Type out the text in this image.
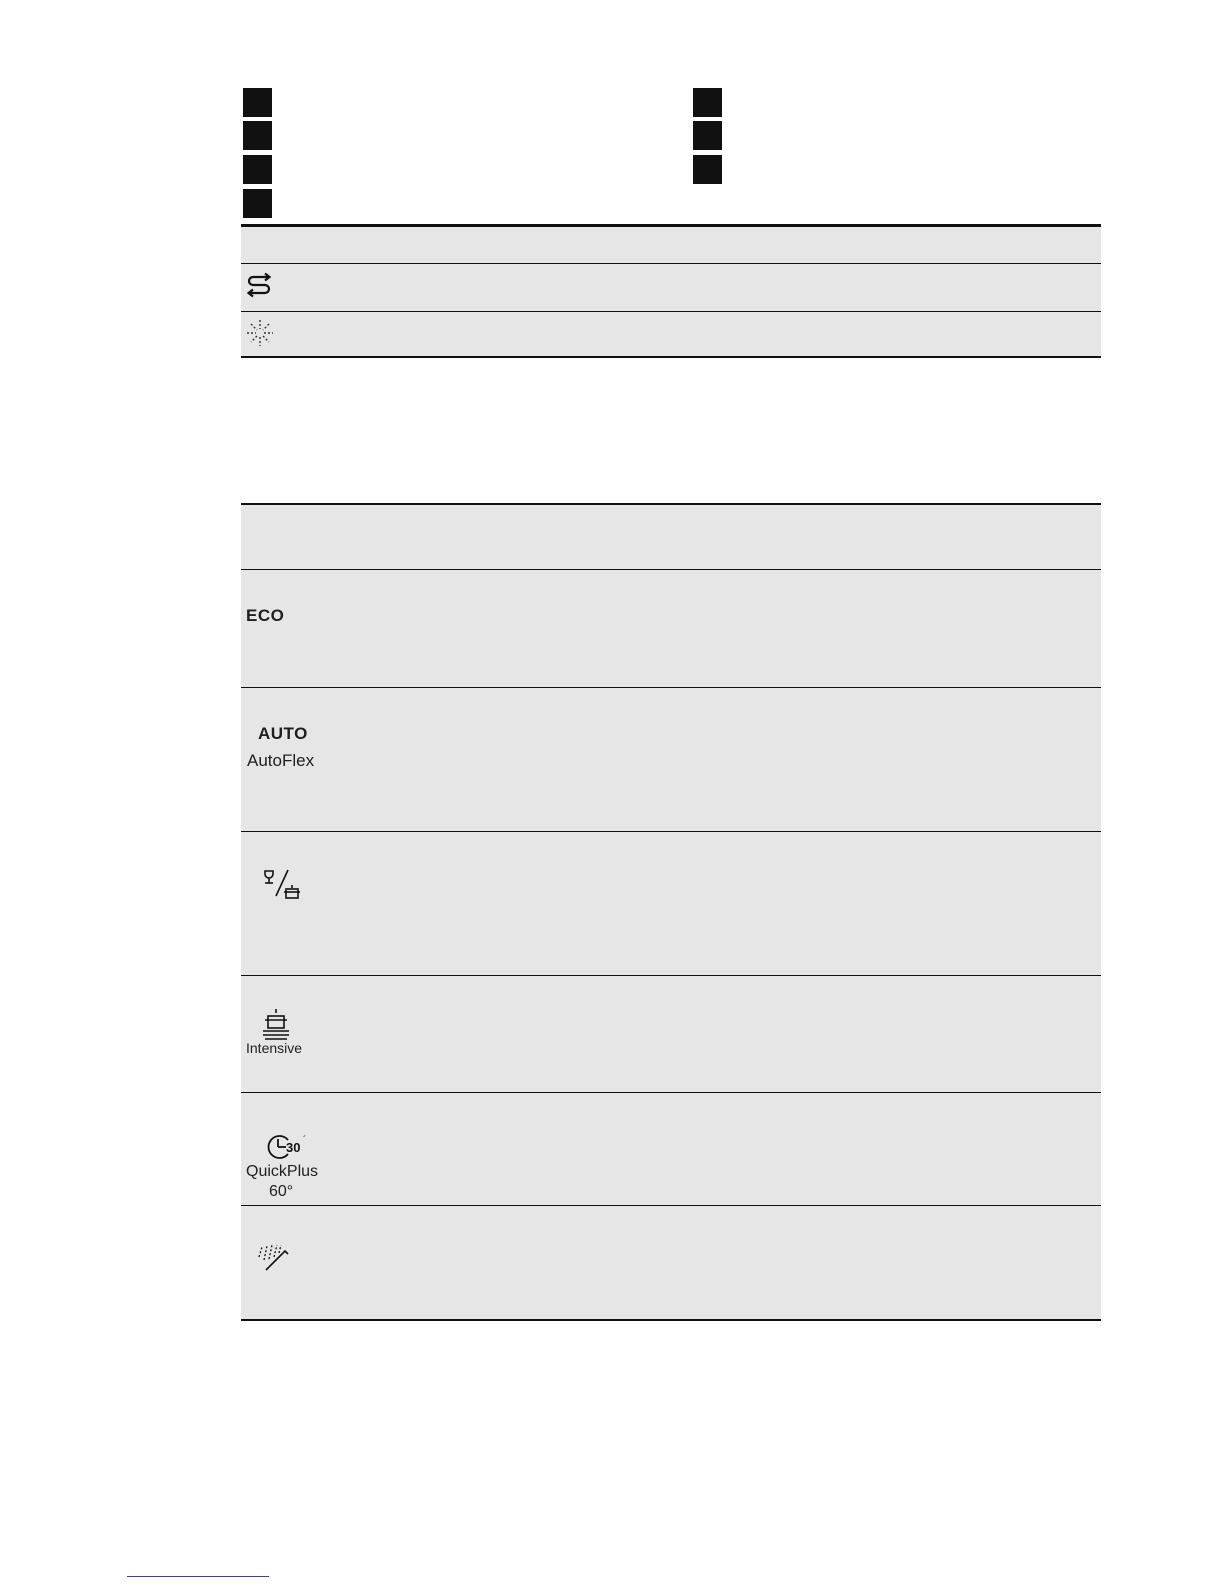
ECO
AUTO
AutoFlex
Intensive
30 ´
QuickPlus
60°
